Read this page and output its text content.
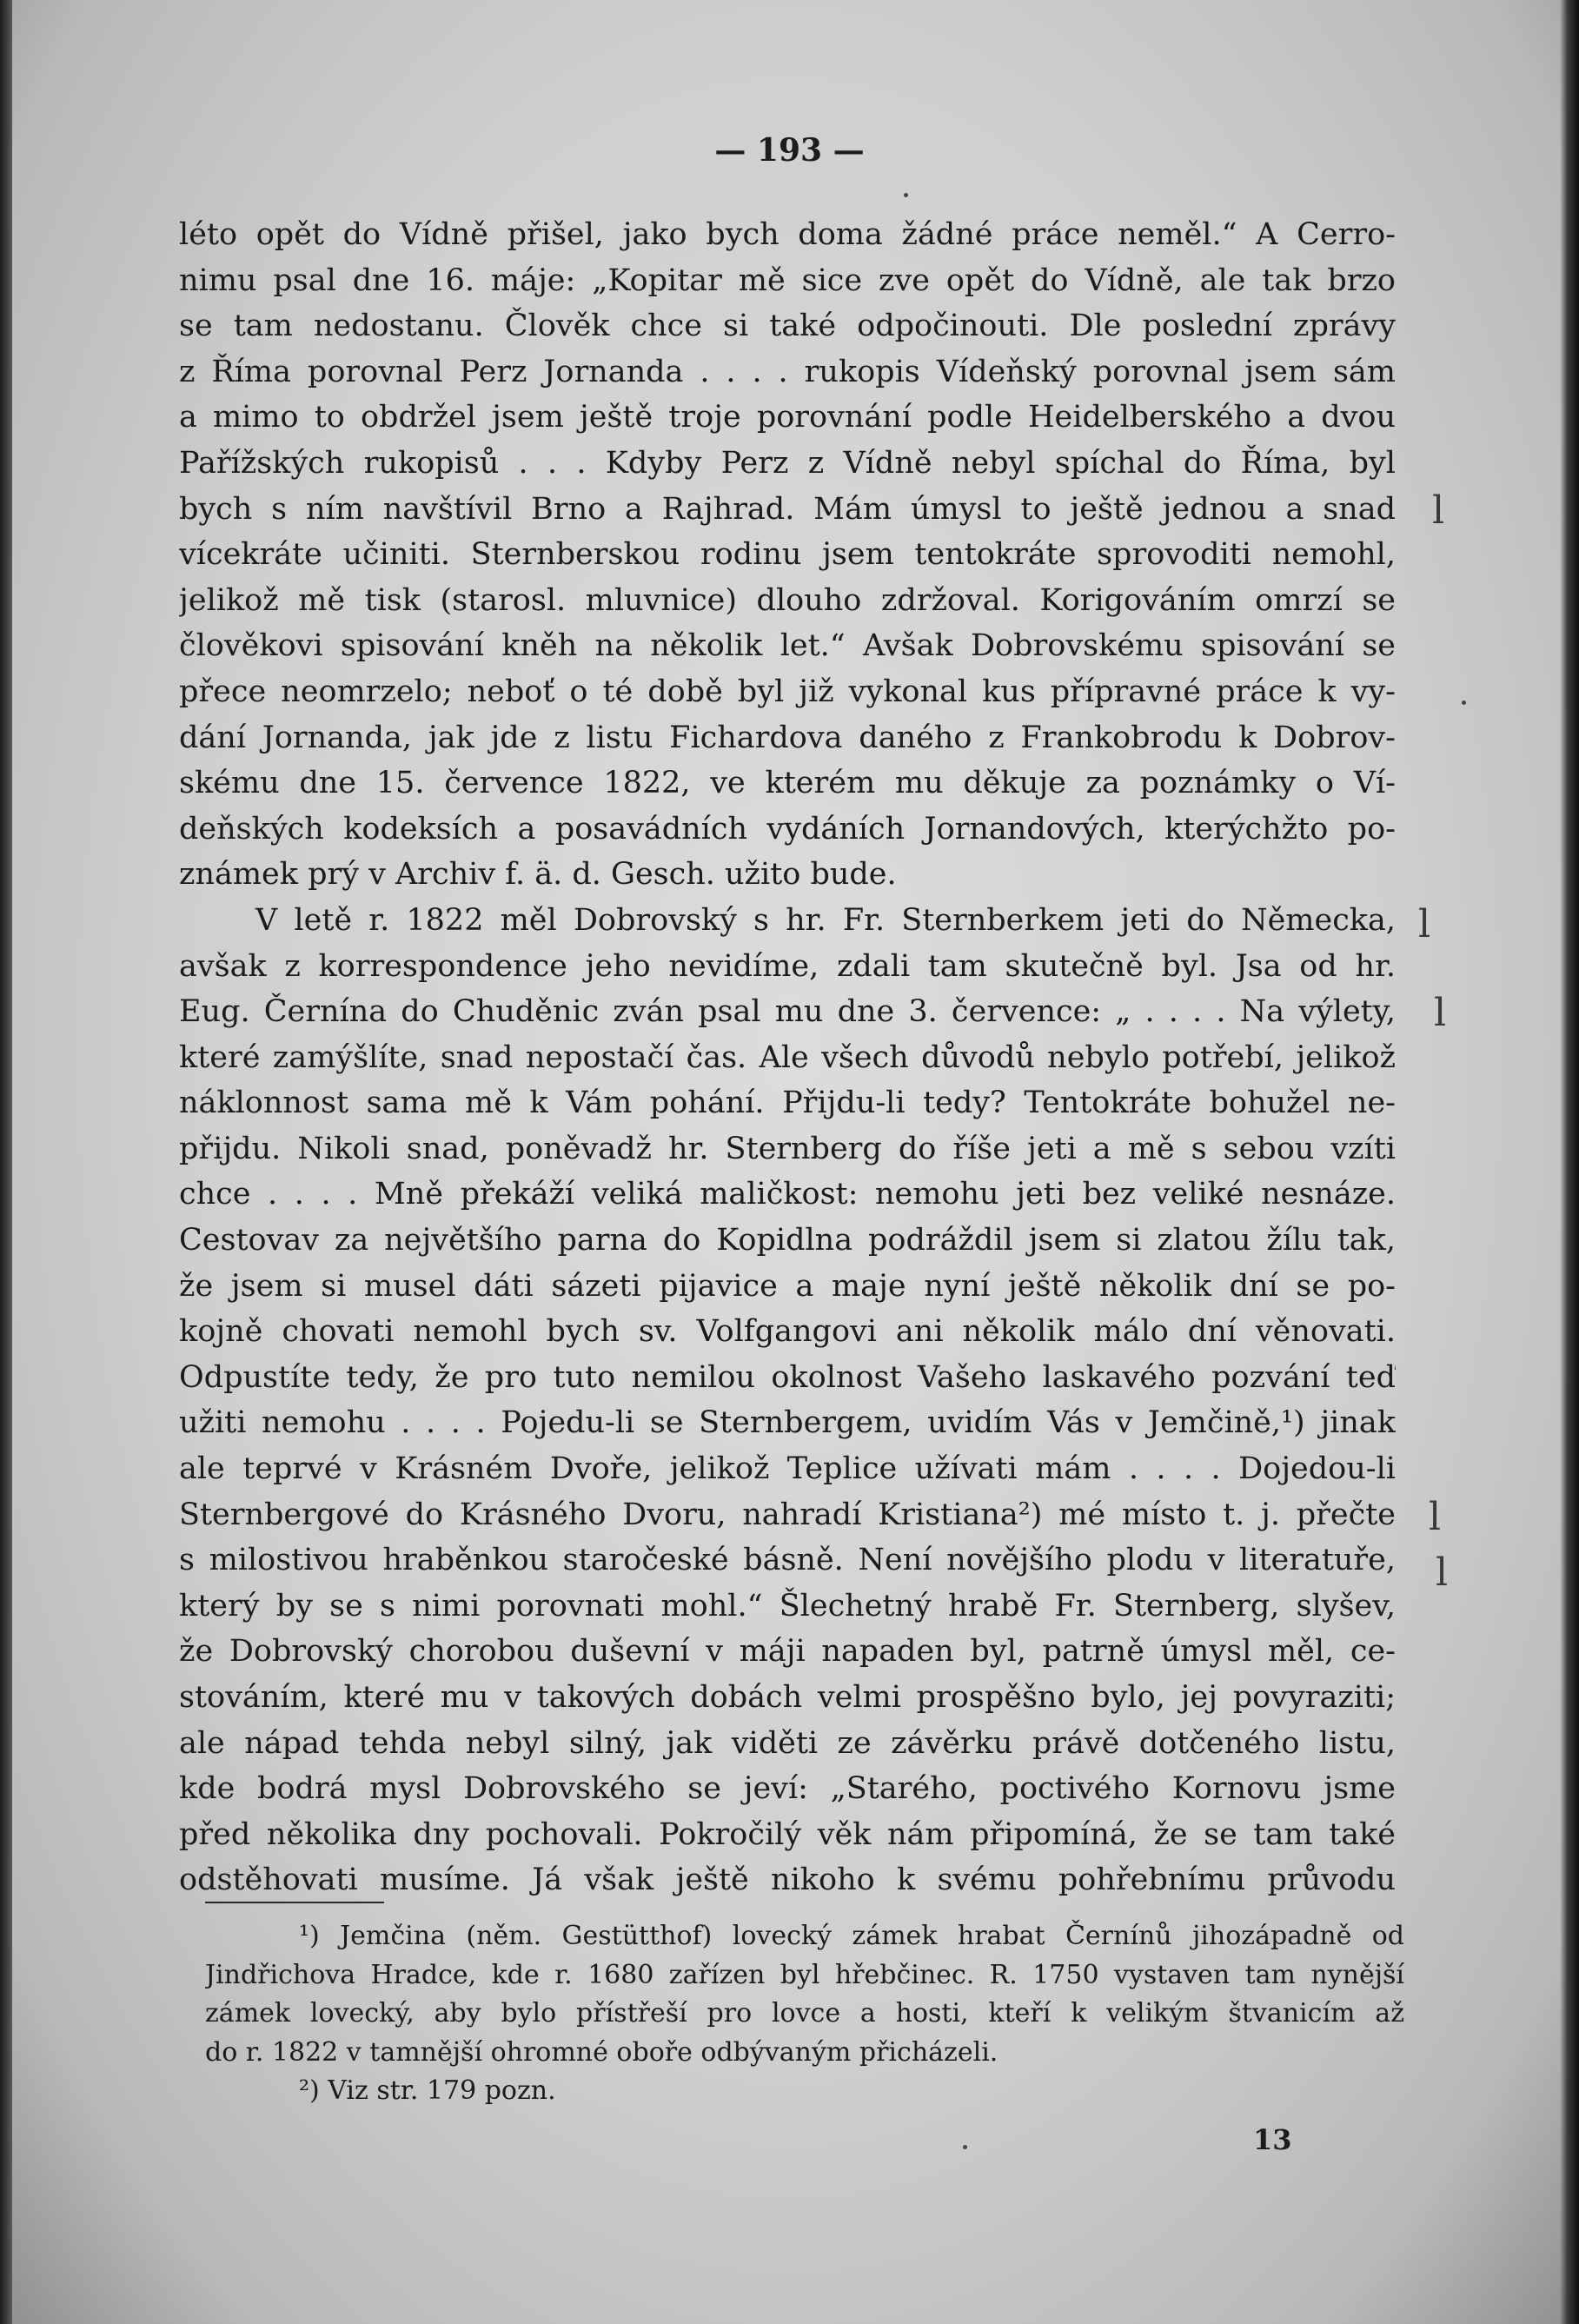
— 193 —
léto opět do Vídně přišel, jako bych doma žádné práce neměl.“ A Cerro-
nimu psal dne 16. máje: „Kopitar mě sice zve opět do Vídně, ale tak brzo
se tam nedostanu. Člověk chce si také odpočinouti. Dle poslední zprávy
z Říma porovnal Perz Jornanda . . . . rukopis Vídeňský porovnal jsem sám
a mimo to obdržel jsem ještě troje porovnání podle Heidelberského a dvou
Pařížských rukopisů . . . Kdyby Perz z Vídně nebyl spíchal do Říma, byl
bych s ním navštívil Brno a Rajhrad. Mám úmysl to ještě jednou a snad
vícekráte učiniti. Sternberskou rodinu jsem tentokráte sprovoditi nemohl,
jelikož mě tisk (starosl. mluvnice) dlouho zdržoval. Korigováním omrzí se
člověkovi spisování kněh na několik let.“ Avšak Dobrovskému spisování se
přece neomrzelo; neboť o té době byl již vykonal kus přípravné práce k vy-
dání Jornanda, jak jde z listu Fichardova daného z Frankobrodu k Dobrov-
skému dne 15. července 1822, ve kterém mu děkuje za poznámky o Ví-
deňských kodeksích a posavádních vydáních Jornandových, kterýchžto po-
známek prý v Archiv f. ä. d. Gesch. užito bude.
V letě r. 1822 měl Dobrovský s hr. Fr. Sternberkem jeti do Německa,
avšak z korrespondence jeho nevidíme, zdali tam skutečně byl. Jsa od hr.
Eug. Černína do Chuděnic zván psal mu dne 3. července: „ . . . . Na výlety,
které zamýšlíte, snad nepostačí čas. Ale všech důvodů nebylo potřebí, jelikož
náklonnost sama mě k Vám pohání. Přijdu-li tedy? Tentokráte bohužel ne-
přijdu. Nikoli snad, poněvadž hr. Sternberg do říše jeti a mě s sebou vzíti
chce . . . . Mně překáží veliká maličkost: nemohu jeti bez veliké nesnáze.
Cestovav za největšího parna do Kopidlna podráždil jsem si zlatou žílu tak,
že jsem si musel dáti sázeti pijavice a maje nyní ještě několik dní se po-
kojně chovati nemohl bych sv. Volfgangovi ani několik málo dní věnovati.
Odpustíte tedy, že pro tuto nemilou okolnost Vašeho laskavého pozvání teď
užiti nemohu . . . . Pojedu-li se Sternbergem, uvidím Vás v Jemčině,¹) jinak
ale teprvé v Krásném Dvoře, jelikož Teplice užívati mám . . . . Dojedou-li
Sternbergové do Krásného Dvoru, nahradí Kristiana²) mé místo t. j. přečte
s milostivou hraběnkou staročeské básně. Není novějšího plodu v literatuře,
který by se s nimi porovnati mohl.“ Šlechetný hrabě Fr. Sternberg, slyšev,
že Dobrovský chorobou duševní v máji napaden byl, patrně úmysl měl, ce-
stováním, které mu v takových dobách velmi prospěšno bylo, jej povyraziti;
ale nápad tehda nebyl silný, jak viděti ze závěrku právě dotčeného listu,
kde bodrá mysl Dobrovského se jeví: „Starého, poctivého Kornovu jsme
před několika dny pochovali. Pokročilý věk nám připomíná, že se tam také
odstěhovati musíme. Já však ještě nikoho k svému pohřebnímu průvodu
¹) Jemčina (něm. Gestütthof) lovecký zámek hrabat Černínů jihozápadně od
Jindřichova Hradce, kde r. 1680 zařízen byl hřebčinec. R. 1750 vystaven tam nynější
zámek lovecký, aby bylo přístřeší pro lovce a hosti, kteří k velikým štvanicím až
do r. 1822 v tamnější ohromné oboře odbývaným přicházeli.
²) Viz str. 179 pozn.
13
l
l
l
l
l
